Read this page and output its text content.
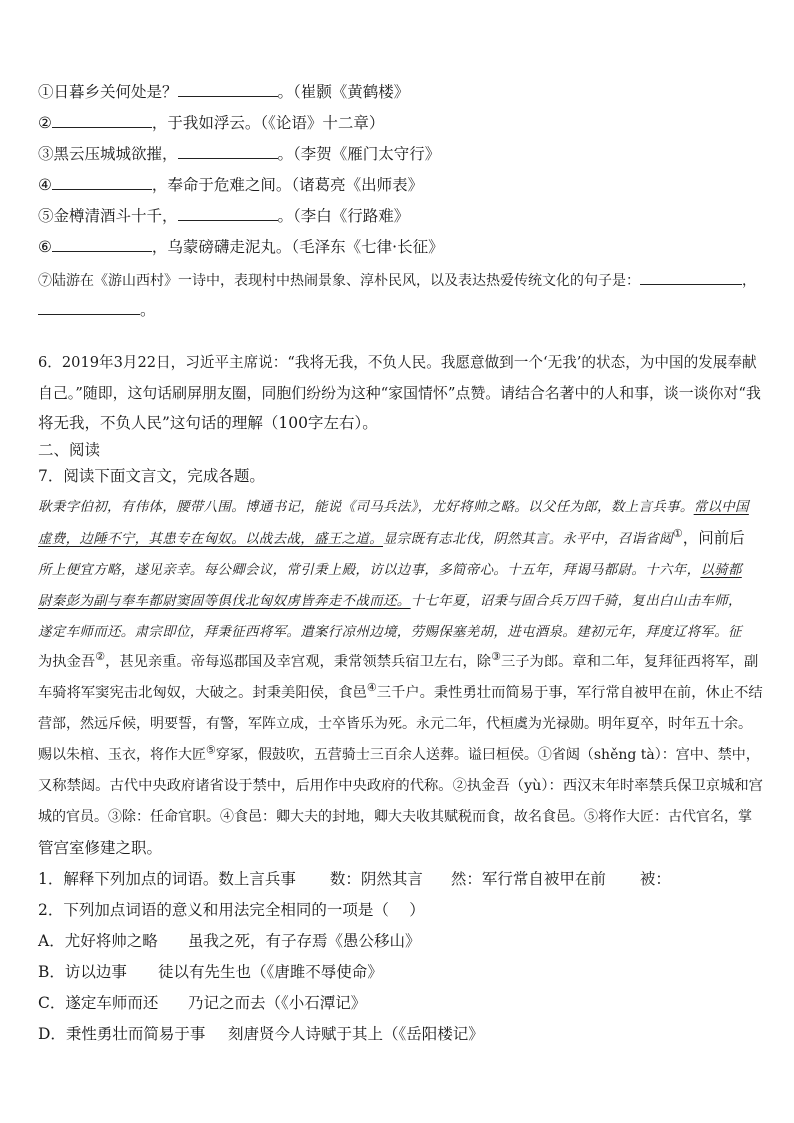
①日暮乡关何处是？	。（崔颢《黄鹤楼》
②	，于我如浮云。（《论语》十二章）
③黑云压城城欲摧，	。（李贺《雁门太守行》
④	，奉命于危难之间。（诸葛亮《出师表》
⑤金樽清酒斗十千，	。（李白《行路难》
⑥	，乌蒙磅礴走泥丸。（毛泽东《七律·长征》
⑦陆游在《游山西村》一诗中，表现村中热闹景象、淳朴民风，以及表达热爱传统文化的句子是：	，
。
6．2019年3月22日，习近平主席说：“我将无我，不负人民。我愿意做到一个‘无我’的状态，为中国的发展奉献
自己。”随即，这句话刷屏朋友圈，同胞们纷纷为这种“家国情怀”点赞。请结合名著中的人和事，谈一谈你对“我
将无我，不负人民”这句话的理解（100字左右）。
二、阅读
7．阅读下面文言文，完成各题。
耿秉字伯初，有伟体，腰带八围。博通书记，能说《司马兵法》，尤好将帅之略。以父任为郎，数上言兵事。常以中国
虚费，边陲不宁，其患专在匈奴。以战去战，盛王之道。显宗既有志北伐，阴然其言。永平中，召诣省闼①，问前后
所上便宜方略，遂见亲幸。每公卿会议，常引秉上殿，访以边事，多简帝心。十五年，拜谒马都尉。十六年，以骑都
尉秦彭为副与奉车都尉窦固等俱伐北匈奴虏皆奔走不战而还。十七年夏，诏秉与固合兵万四千骑，复出白山击车师，
遂定车师而还。肃宗即位，拜秉征西将军。遣案行凉州边境，劳赐保塞羌胡，进屯酒泉。建初元年，拜度辽将军。征
为执金吾②，甚见亲重。帝每巡郡国及幸宫观，秉常领禁兵宿卫左右，除③三子为郎。章和二年，复拜征西将军，副
车骑将军窦宪击北匈奴，大破之。封秉美阳侯，食邑④三千户。秉性勇壮而简易于事，军行常自被甲在前，休止不结
营部，然远斥候，明要誓，有警，军阵立成，士卒皆乐为死。永元二年，代桓虞为光禄勋。明年夏卒，时年五十余。
赐以朱棺、玉衣，将作大匠⑤穿冢，假鼓吹，五营骑士三百余人送葬。谥曰桓侯。①省闼（shěng tà）：宫中、禁中，
又称禁闼。古代中央政府诸省设于禁中，后用作中央政府的代称。②执金吾（yù）：西汉末年时率禁兵保卫京城和宫
城的官员。③除：任命官职。④食邑：卿大夫的封地，卿大夫收其赋税而食，故名食邑。⑤将作大匠：古代官名，掌
管宫室修建之职。
1．解释下列加点的词语。数上言兵事 数：阴然其言 然：军行常自被甲在前 被：
2．下列加点词语的意义和用法完全相同的一项是（　 ）
A．尤好将帅之略 虽我之死，有子存焉《愚公移山》
B．访以边事 徒以有先生也（《唐雎不辱使命》
C．遂定车师而还 乃记之而去（《小石潭记》
D．秉性勇壮而简易于事 刻唐贤今人诗赋于其上（《岳阳楼记》
